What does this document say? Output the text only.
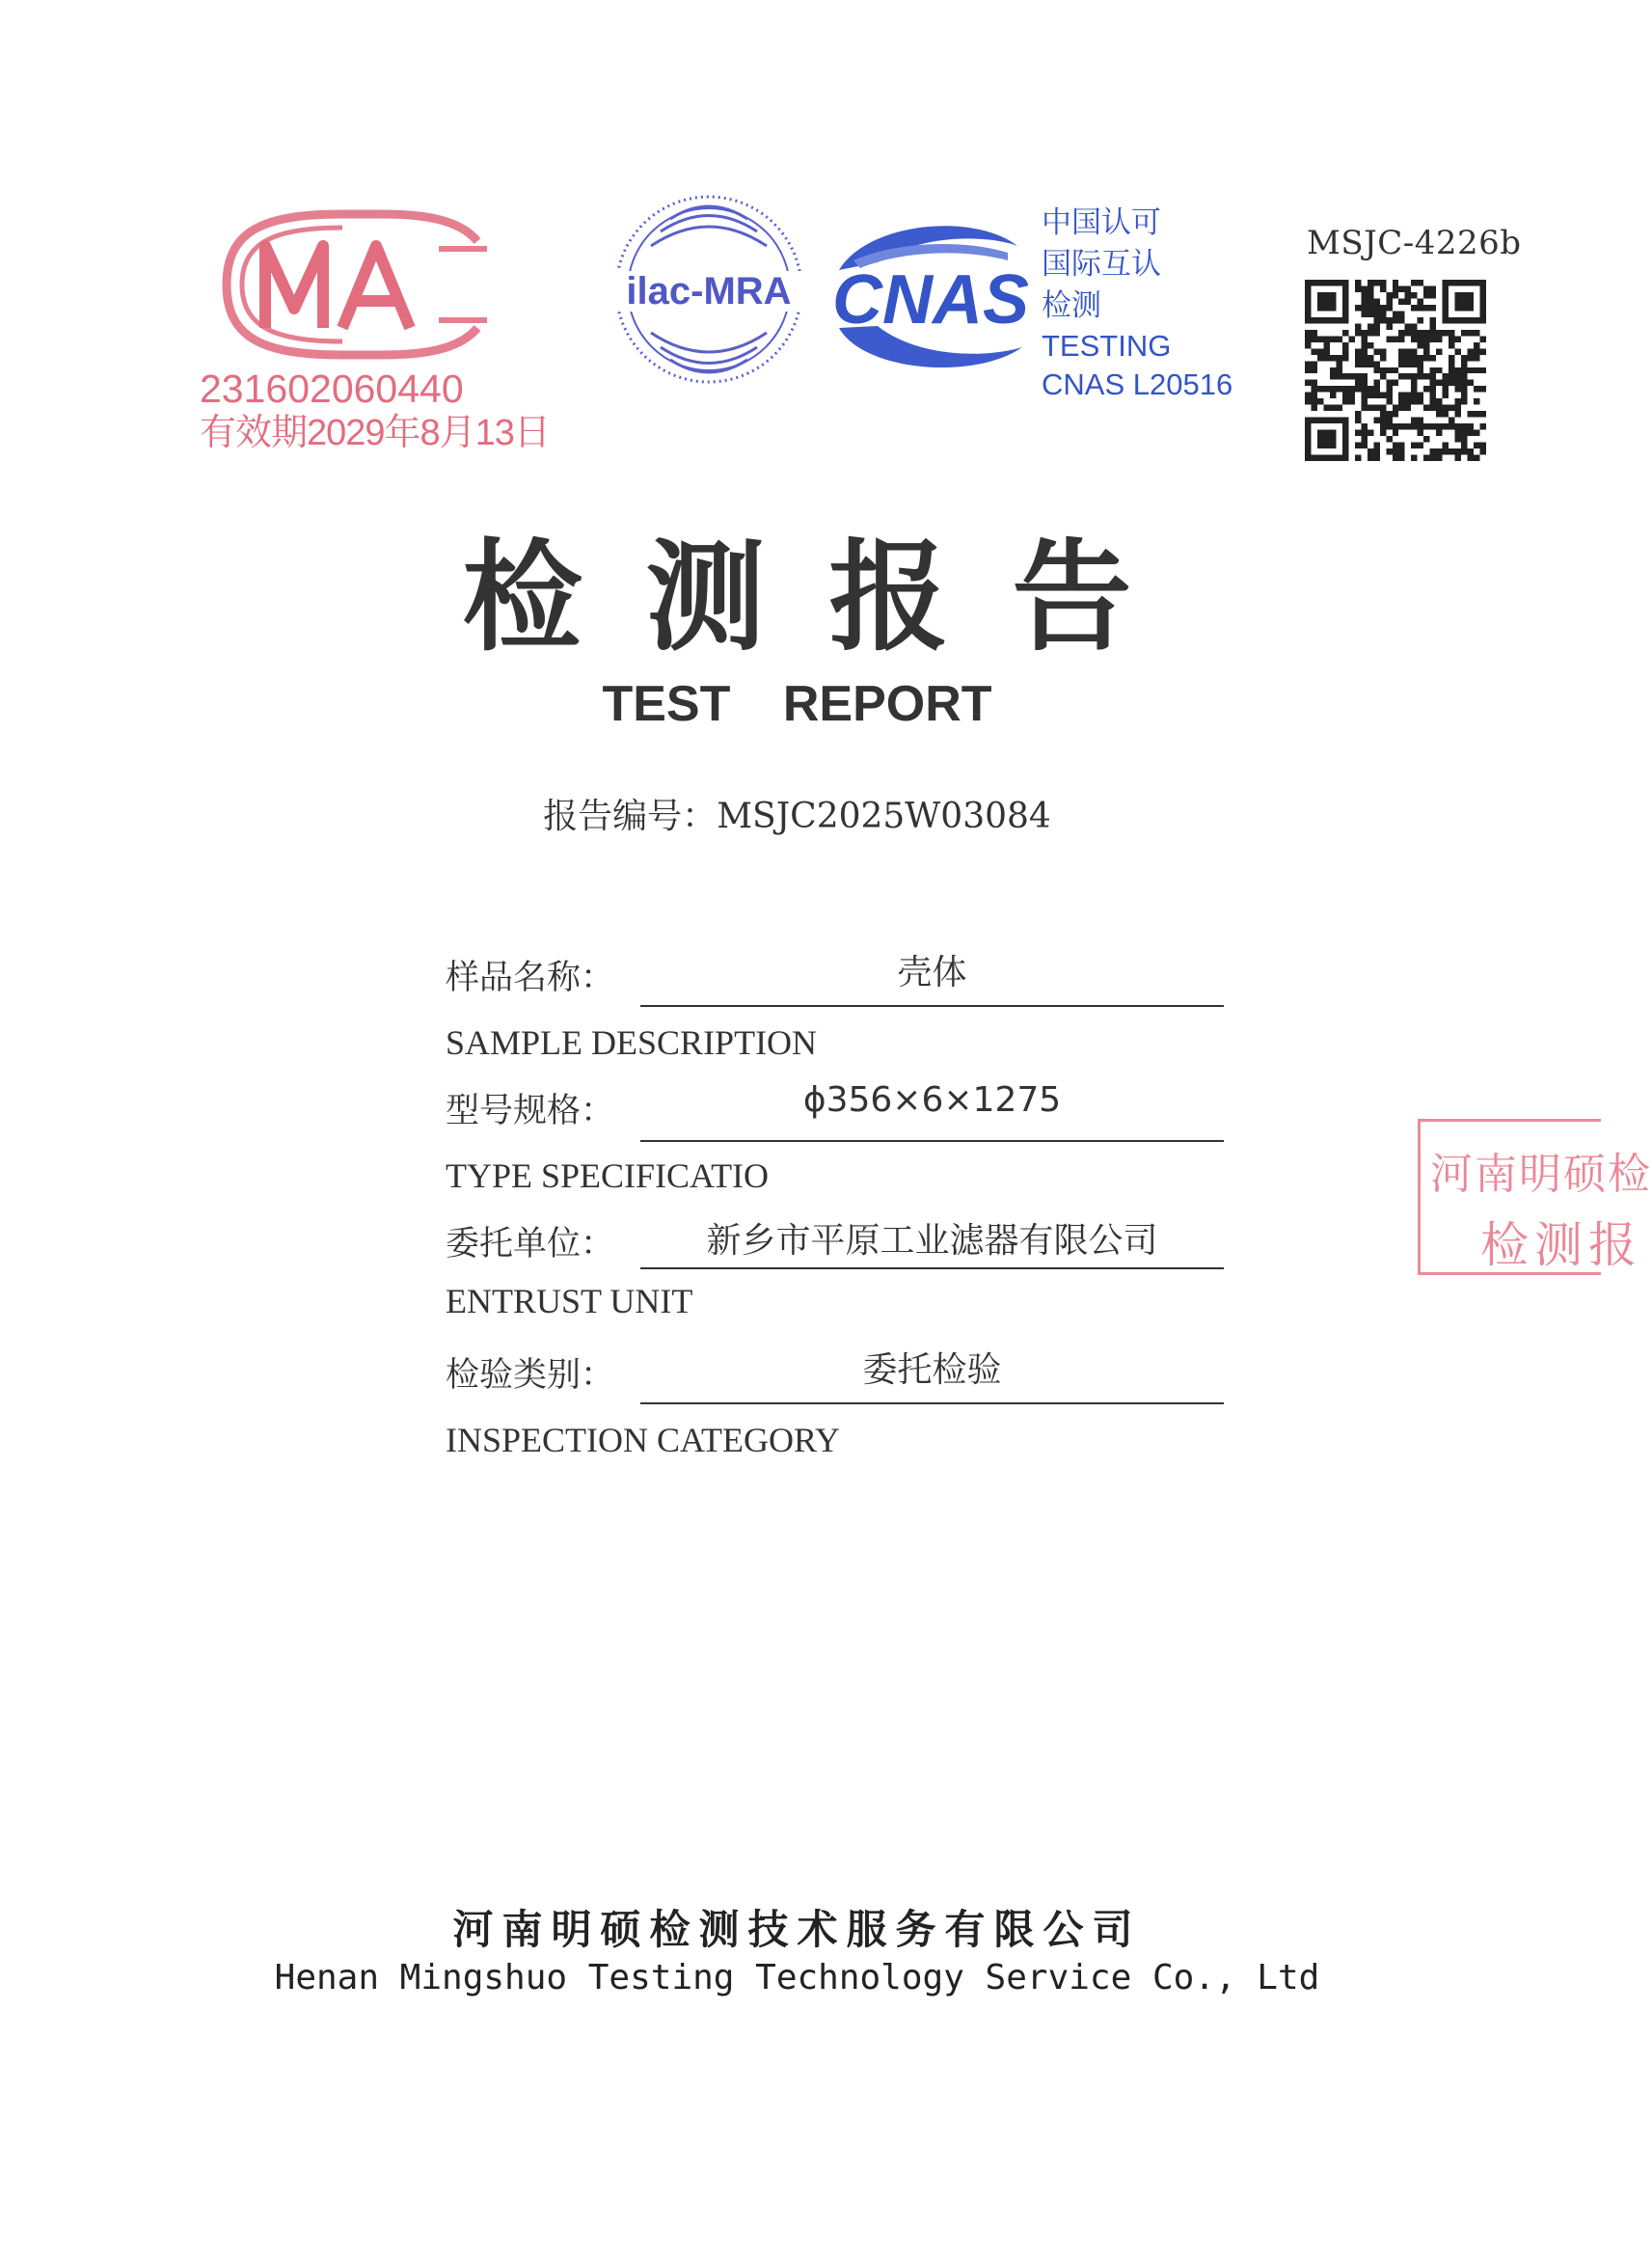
MA
231602060440
有效期2029年8月13日
ilac-MRA CNAS
中国认可
国际互认
检测
TESTING
CNAS L20516
MSJC-4226b
检测报告
TEST REPORT
报告编号：MSJC2025W03084
样品名称：	壳体
SAMPLE DESCRIPTION
型号规格：	ϕ356×6×1275
TYPE SPECIFICATIO
委托单位：	新乡市平原工业滤器有限公司
ENTRUST UNIT
检验类别：	委托检验
INSPECTION CATEGORY
河南明硕检
检测报
河南明硕检测技术服务有限公司
Henan Mingshuo Testing Technology Service Co., Ltd
